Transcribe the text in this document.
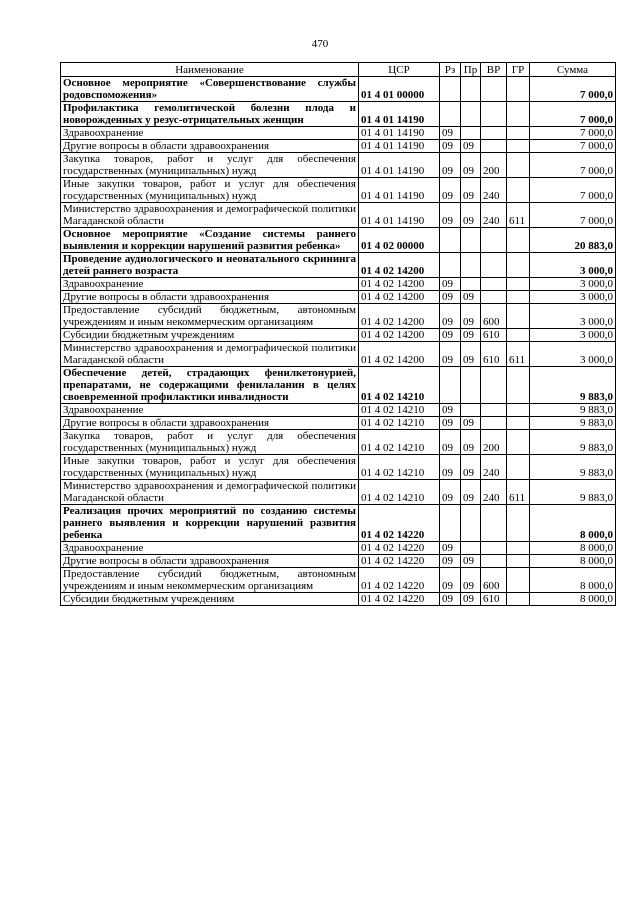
470
Наименование	ЦСР	Рз	Пр	ВР	ГР	Сумма
Основное мероприятие «Совершенствование службы родовспоможения»	01 4 01 00000					7 000,0
Профилактика гемолитической болезни плода и новорожденных у резус-отрицательных женщин	01 4 01 14190					7 000,0
Здравоохранение	01 4 01 14190	09				7 000,0
Другие вопросы в области здравоохранения	01 4 01 14190	09	09			7 000,0
Закупка товаров, работ и услуг для обеспечения государственных (муниципальных) нужд	01 4 01 14190	09	09	200		7 000,0
Иные закупки товаров, работ и услуг для обеспечения государственных (муниципальных) нужд	01 4 01 14190	09	09	240		7 000,0
Министерство здравоохранения и демографической политики Магаданской области	01 4 01 14190	09	09	240	611	7 000,0
Основное мероприятие «Создание системы раннего выявления и коррекции нарушений развития ребенка»	01 4 02 00000					20 883,0
Проведение аудиологического и неонатального скрининга детей раннего возраста	01 4 02 14200					3 000,0
Здравоохранение	01 4 02 14200	09				3 000,0
Другие вопросы в области здравоохранения	01 4 02 14200	09	09			3 000,0
Предоставление субсидий бюджетным, автономным учреждениям и иным некоммерческим организациям	01 4 02 14200	09	09	600		3 000,0
Субсидии бюджетным учреждениям	01 4 02 14200	09	09	610		3 000,0
Министерство здравоохранения и демографической политики Магаданской области	01 4 02 14200	09	09	610	611	3 000,0
Обеспечение детей, страдающих фенилкетонурией, препаратами, не содержащими фенилаланин в целях своевременной профилактики инвалидности	01 4 02 14210					9 883,0
Здравоохранение	01 4 02 14210	09				9 883,0
Другие вопросы в области здравоохранения	01 4 02 14210	09	09			9 883,0
Закупка товаров, работ и услуг для обеспечения государственных (муниципальных) нужд	01 4 02 14210	09	09	200		9 883,0
Иные закупки товаров, работ и услуг для обеспечения государственных (муниципальных) нужд	01 4 02 14210	09	09	240		9 883,0
Министерство здравоохранения и демографической политики Магаданской области	01 4 02 14210	09	09	240	611	9 883,0
Реализация прочих мероприятий по созданию системы раннего выявления и коррекции нарушений развития ребенка	01 4 02 14220					8 000,0
Здравоохранение	01 4 02 14220	09				8 000,0
Другие вопросы в области здравоохранения	01 4 02 14220	09	09			8 000,0
Предоставление субсидий бюджетным, автономным учреждениям и иным некоммерческим организациям	01 4 02 14220	09	09	600		8 000,0
Субсидии бюджетным учреждениям	01 4 02 14220	09	09	610		8 000,0
